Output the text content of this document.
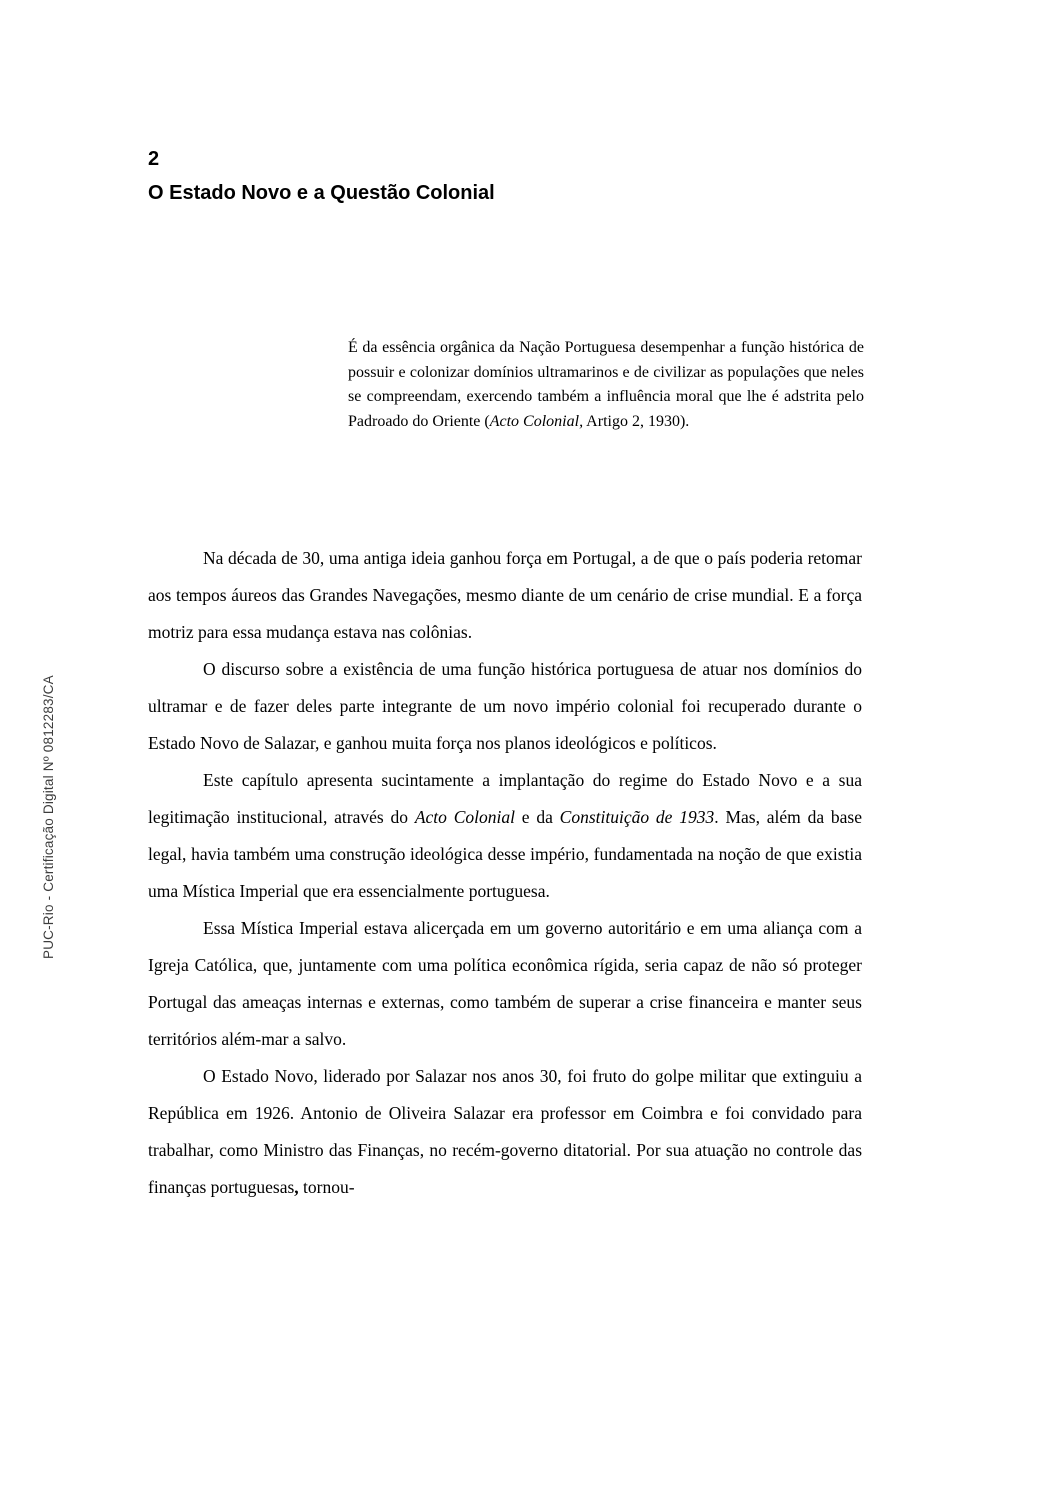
PUC-Rio - Certificação Digital Nº 0812283/CA
2
O Estado Novo e a Questão Colonial
É da essência orgânica da Nação Portuguesa desempenhar a função histórica de possuir e colonizar domínios ultramarinos e de civilizar as populações que neles se compreendam, exercendo também a influência moral que lhe é adstrita pelo Padroado do Oriente (Acto Colonial, Artigo 2, 1930).

Na década de 30, uma antiga ideia ganhou força em Portugal, a de que o país poderia retomar aos tempos áureos das Grandes Navegações, mesmo diante de um cenário de crise mundial. E a força motriz para essa mudança estava nas colônias.

O discurso sobre a existência de uma função histórica portuguesa de atuar nos domínios do ultramar e de fazer deles parte integrante de um novo império colonial foi recuperado durante o Estado Novo de Salazar, e ganhou muita força nos planos ideológicos e políticos.

Este capítulo apresenta sucintamente a implantação do regime do Estado Novo e a sua legitimação institucional, através do Acto Colonial e da Constituição de 1933. Mas, além da base legal, havia também uma construção ideológica desse império, fundamentada na noção de que existia uma Mística Imperial que era essencialmente portuguesa.

Essa Mística Imperial estava alicerçada em um governo autoritário e em uma aliança com a Igreja Católica, que, juntamente com uma política econômica rígida, seria capaz de não só proteger Portugal das ameaças internas e externas, como também de superar a crise financeira e manter seus territórios além-mar a salvo.

O Estado Novo, liderado por Salazar nos anos 30, foi fruto do golpe militar que extinguiu a República em 1926. Antonio de Oliveira Salazar era professor em Coimbra e foi convidado para trabalhar, como Ministro das Finanças, no recém-governo ditatorial. Por sua atuação no controle das finanças portuguesas, tornou-
